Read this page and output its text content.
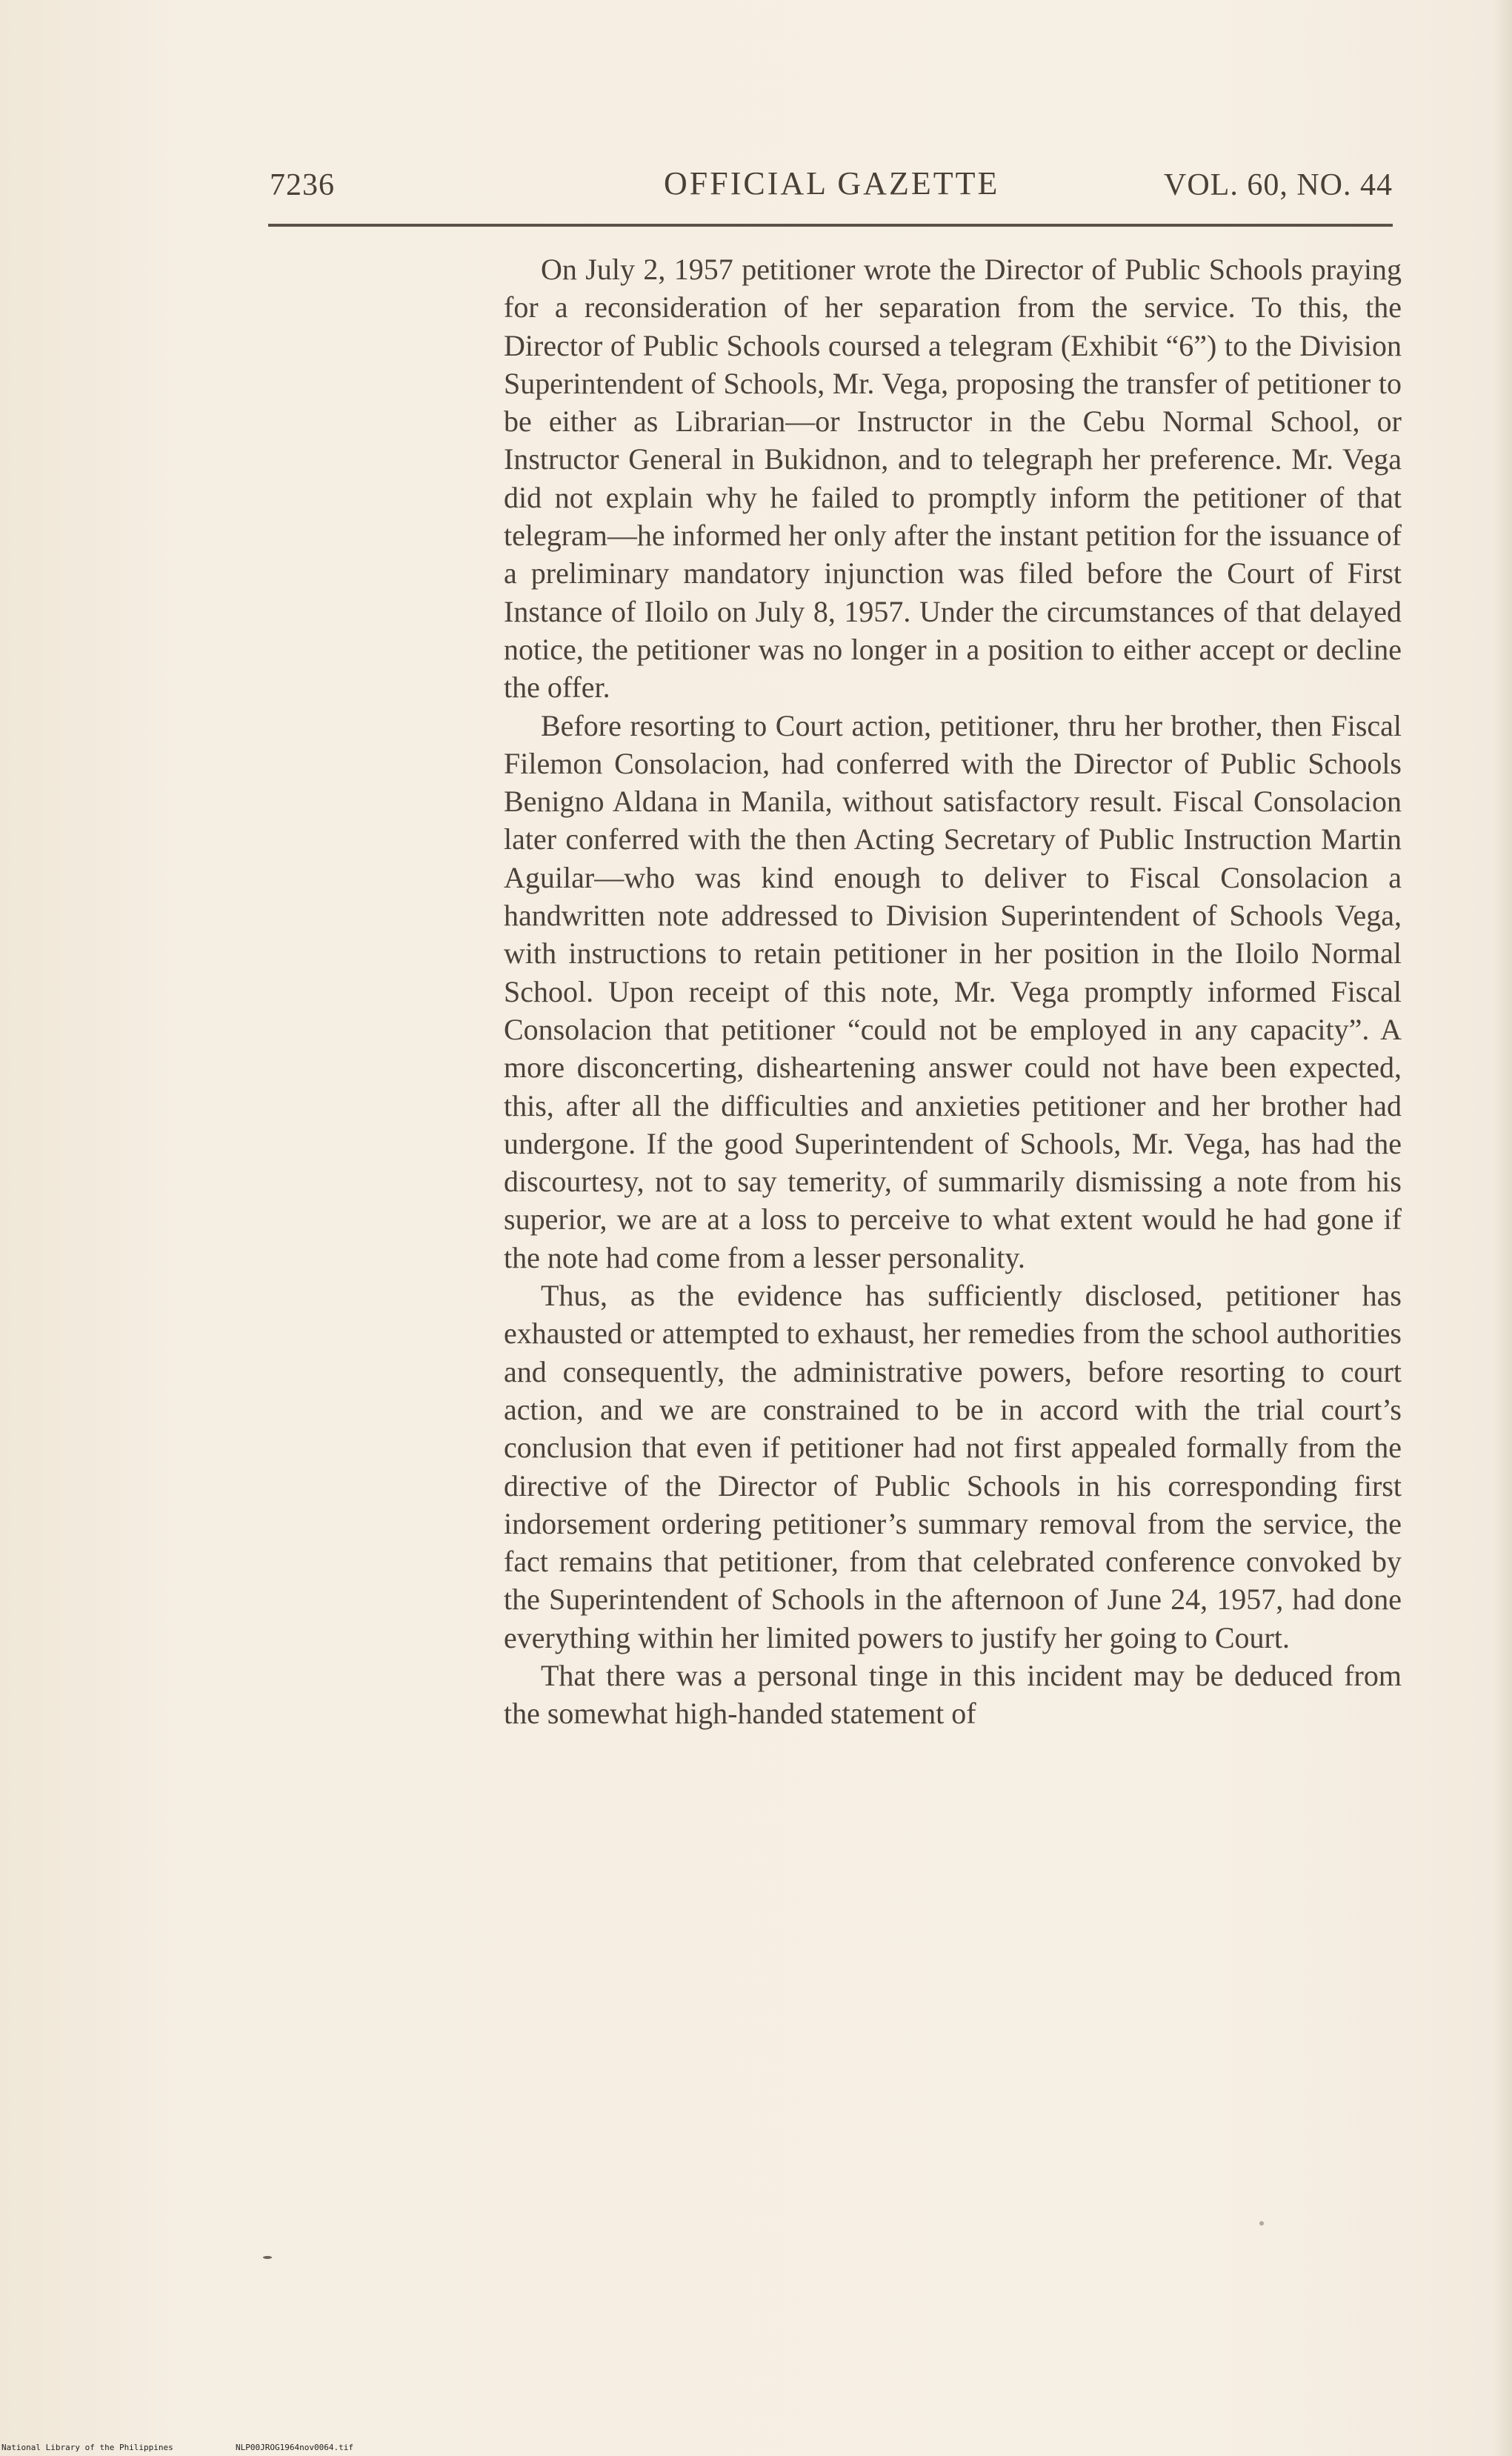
7236	OFFICIAL GAZETTE	VOL. 60, NO. 44

On July 2, 1957 petitioner wrote the Director of Public Schools praying for a reconsideration of her separation from the service. To this, the Director of Public Schools coursed a telegram (Exhibit “6”) to the Division Superintendent of Schools, Mr. Vega, proposing the transfer of petitioner to be either as Librarian—or Instructor in the Cebu Normal School, or Instructor General in Bukidnon, and to telegraph her preference. Mr. Vega did not explain why he failed to promptly inform the petitioner of that telegram—he informed her only after the instant petition for the issuance of a preliminary mandatory injunction was filed before the Court of First Instance of Iloilo on July 8, 1957. Under the circumstances of that delayed notice, the petitioner was no longer in a position to either accept or decline the offer.

Before resorting to Court action, petitioner, thru her brother, then Fiscal Filemon Consolacion, had conferred with the Director of Public Schools Benigno Aldana in Manila, without satisfactory result. Fiscal Consolacion later conferred with the then Acting Secretary of Public Instruction Martin Aguilar—who was kind enough to deliver to Fiscal Consolacion a handwritten note addressed to Division Superintendent of Schools Vega, with instructions to retain petitioner in her position in the Iloilo Normal School. Upon receipt of this note, Mr. Vega promptly informed Fiscal Consolacion that petitioner “could not be employed in any capacity”. A more disconcerting, disheartening answer could not have been expected, this, after all the difficulties and anxieties petitioner and her brother had undergone. If the good Superintendent of Schools, Mr. Vega, has had the discourtesy, not to say temerity, of summarily dismissing a note from his superior, we are at a loss to perceive to what extent would he had gone if the note had come from a lesser personality.

Thus, as the evidence has sufficiently disclosed, petitioner has exhausted or attempted to exhaust, her remedies from the school authorities and consequently, the administrative powers, before resorting to court action, and we are constrained to be in accord with the trial court’s conclusion that even if petitioner had not first appealed formally from the directive of the Director of Public Schools in his corresponding first indorsement ordering petitioner’s summary removal from the service, the fact remains that petitioner, from that celebrated conference convoked by the Superintendent of Schools in the afternoon of June 24, 1957, had done everything within her limited powers to justify her going to Court.

That there was a personal tinge in this incident may be deduced from the somewhat high-handed statement of

National Library of the Philippines	NLP00JROG1964nov0064.tif
